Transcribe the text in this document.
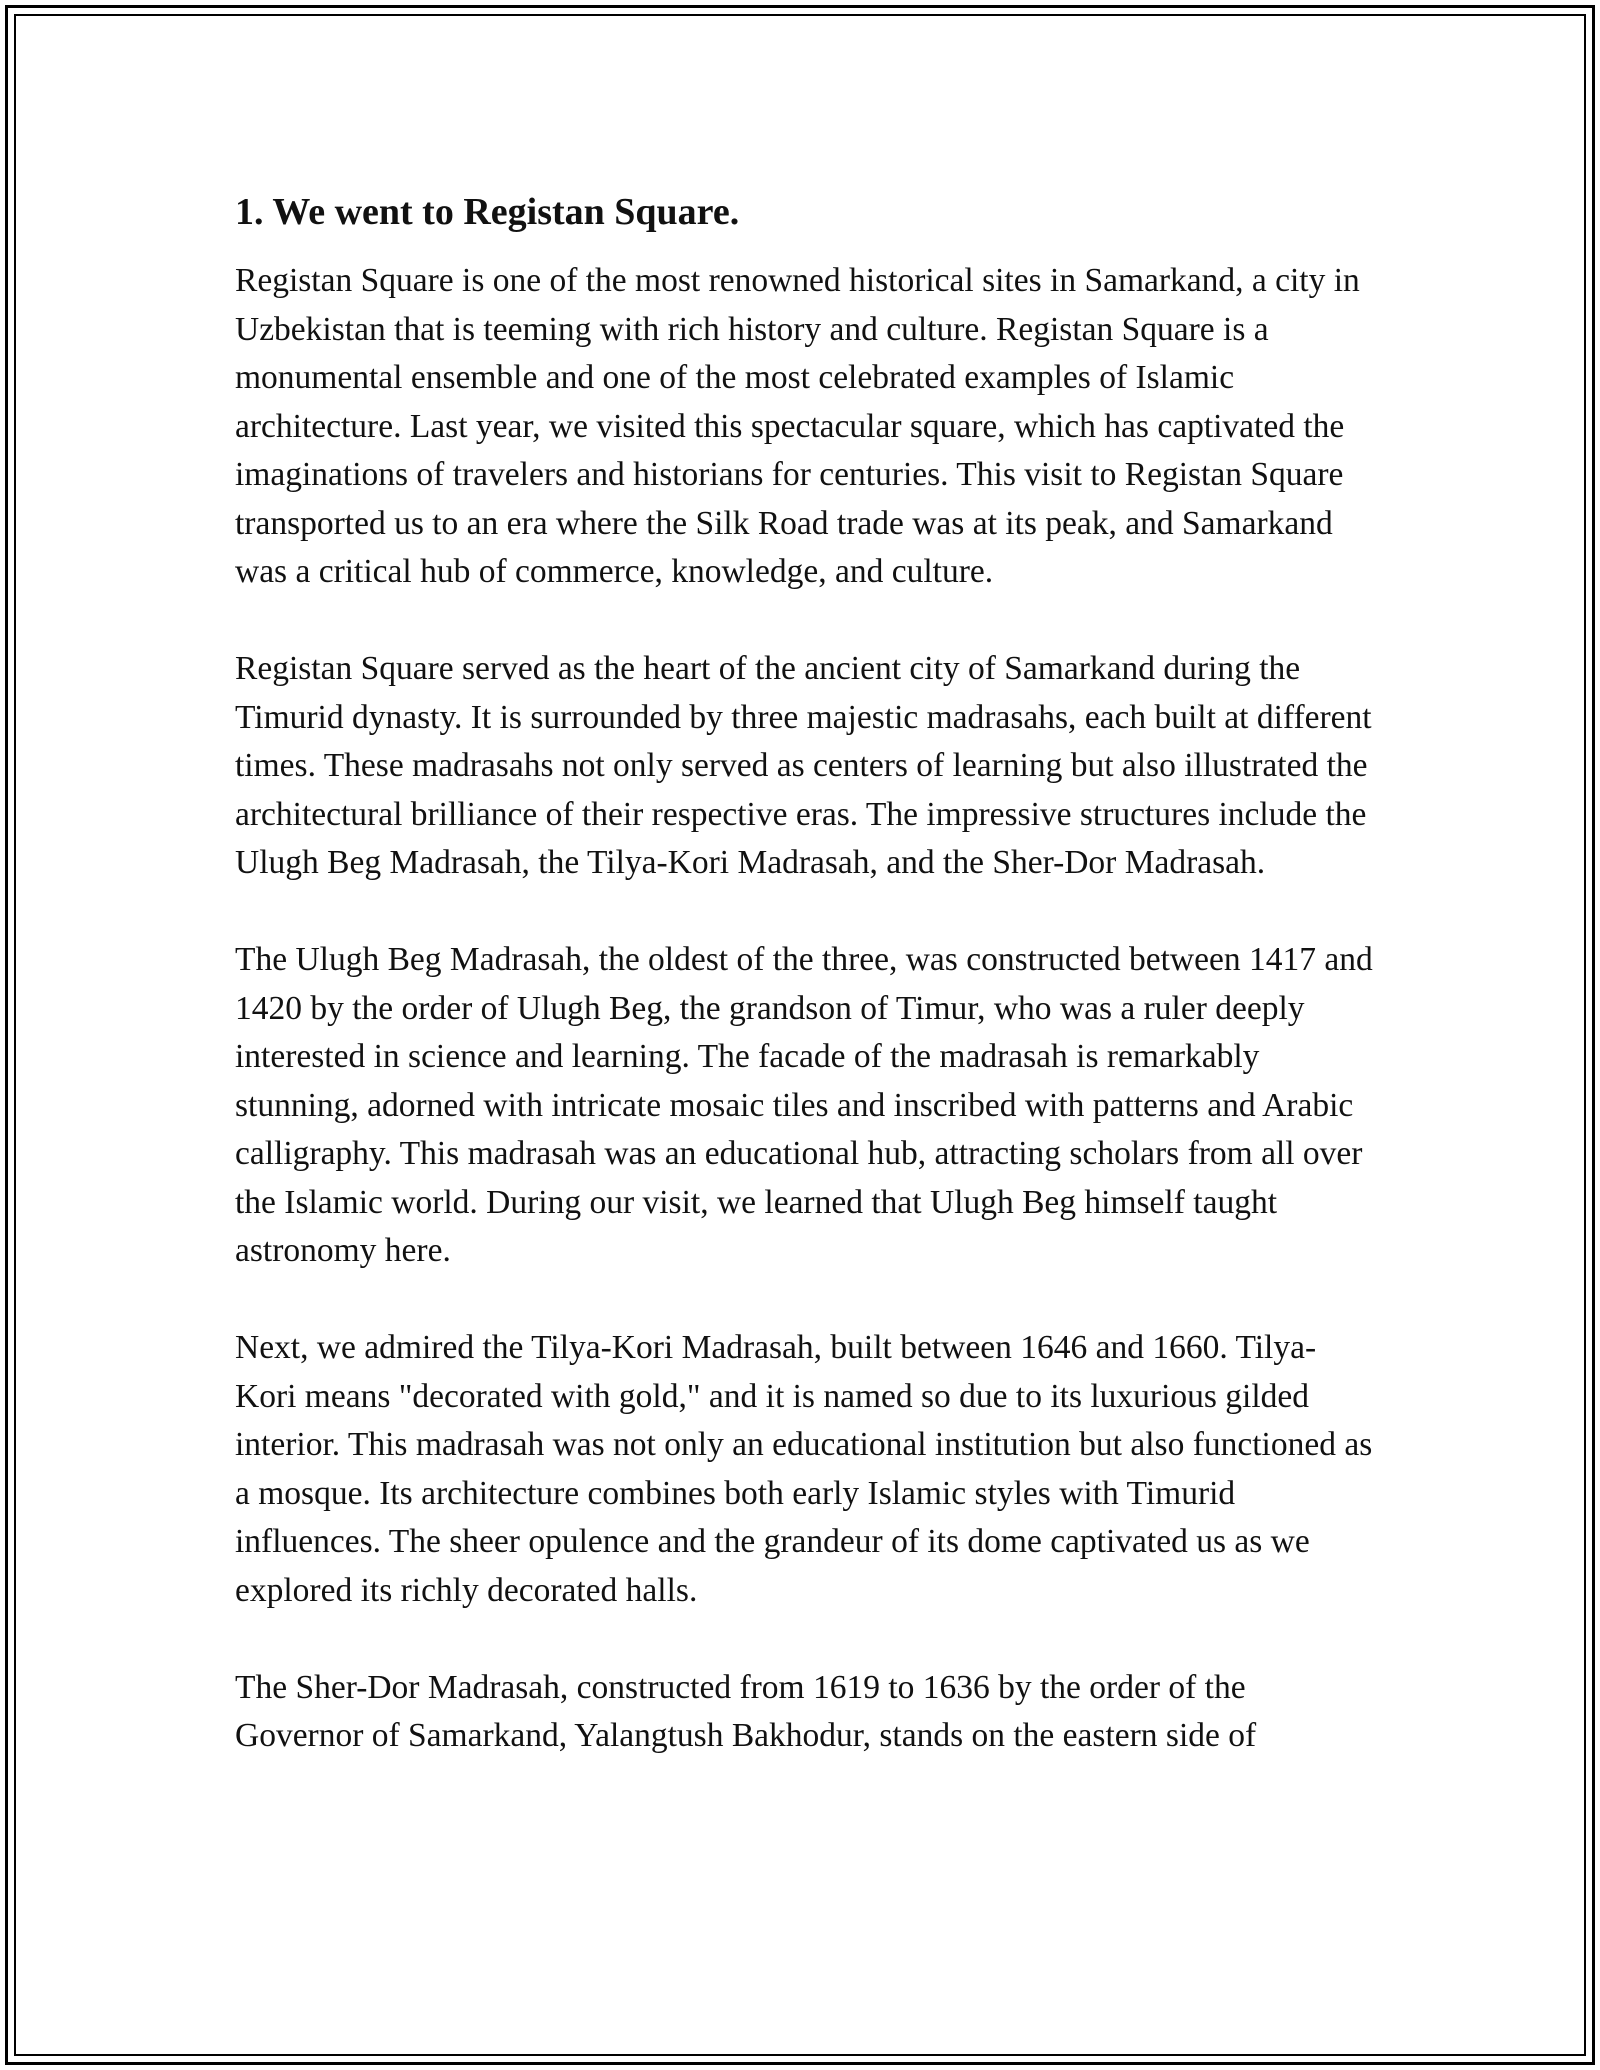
1. We went to Registan Square.

Registan Square is one of the most renowned historical sites in Samarkand, a city in Uzbekistan that is teeming with rich history and culture. Registan Square is a monumental ensemble and one of the most celebrated examples of Islamic architecture. Last year, we visited this spectacular square, which has captivated the imaginations of travelers and historians for centuries. This visit to Registan Square transported us to an era where the Silk Road trade was at its peak, and Samarkand was a critical hub of commerce, knowledge, and culture.

Registan Square served as the heart of the ancient city of Samarkand during the Timurid dynasty. It is surrounded by three majestic madrasahs, each built at different times. These madrasahs not only served as centers of learning but also illustrated the architectural brilliance of their respective eras. The impressive structures include the Ulugh Beg Madrasah, the Tilya-Kori Madrasah, and the Sher-Dor Madrasah.

The Ulugh Beg Madrasah, the oldest of the three, was constructed between 1417 and 1420 by the order of Ulugh Beg, the grandson of Timur, who was a ruler deeply interested in science and learning. The facade of the madrasah is remarkably stunning, adorned with intricate mosaic tiles and inscribed with patterns and Arabic calligraphy. This madrasah was an educational hub, attracting scholars from all over the Islamic world. During our visit, we learned that Ulugh Beg himself taught astronomy here.

Next, we admired the Tilya-Kori Madrasah, built between 1646 and 1660. Tilya-Kori means "decorated with gold," and it is named so due to its luxurious gilded interior. This madrasah was not only an educational institution but also functioned as a mosque. Its architecture combines both early Islamic styles with Timurid influences. The sheer opulence and the grandeur of its dome captivated us as we explored its richly decorated halls.

The Sher-Dor Madrasah, constructed from 1619 to 1636 by the order of the Governor of Samarkand, Yalangtush Bakhodur, stands on the eastern side of
